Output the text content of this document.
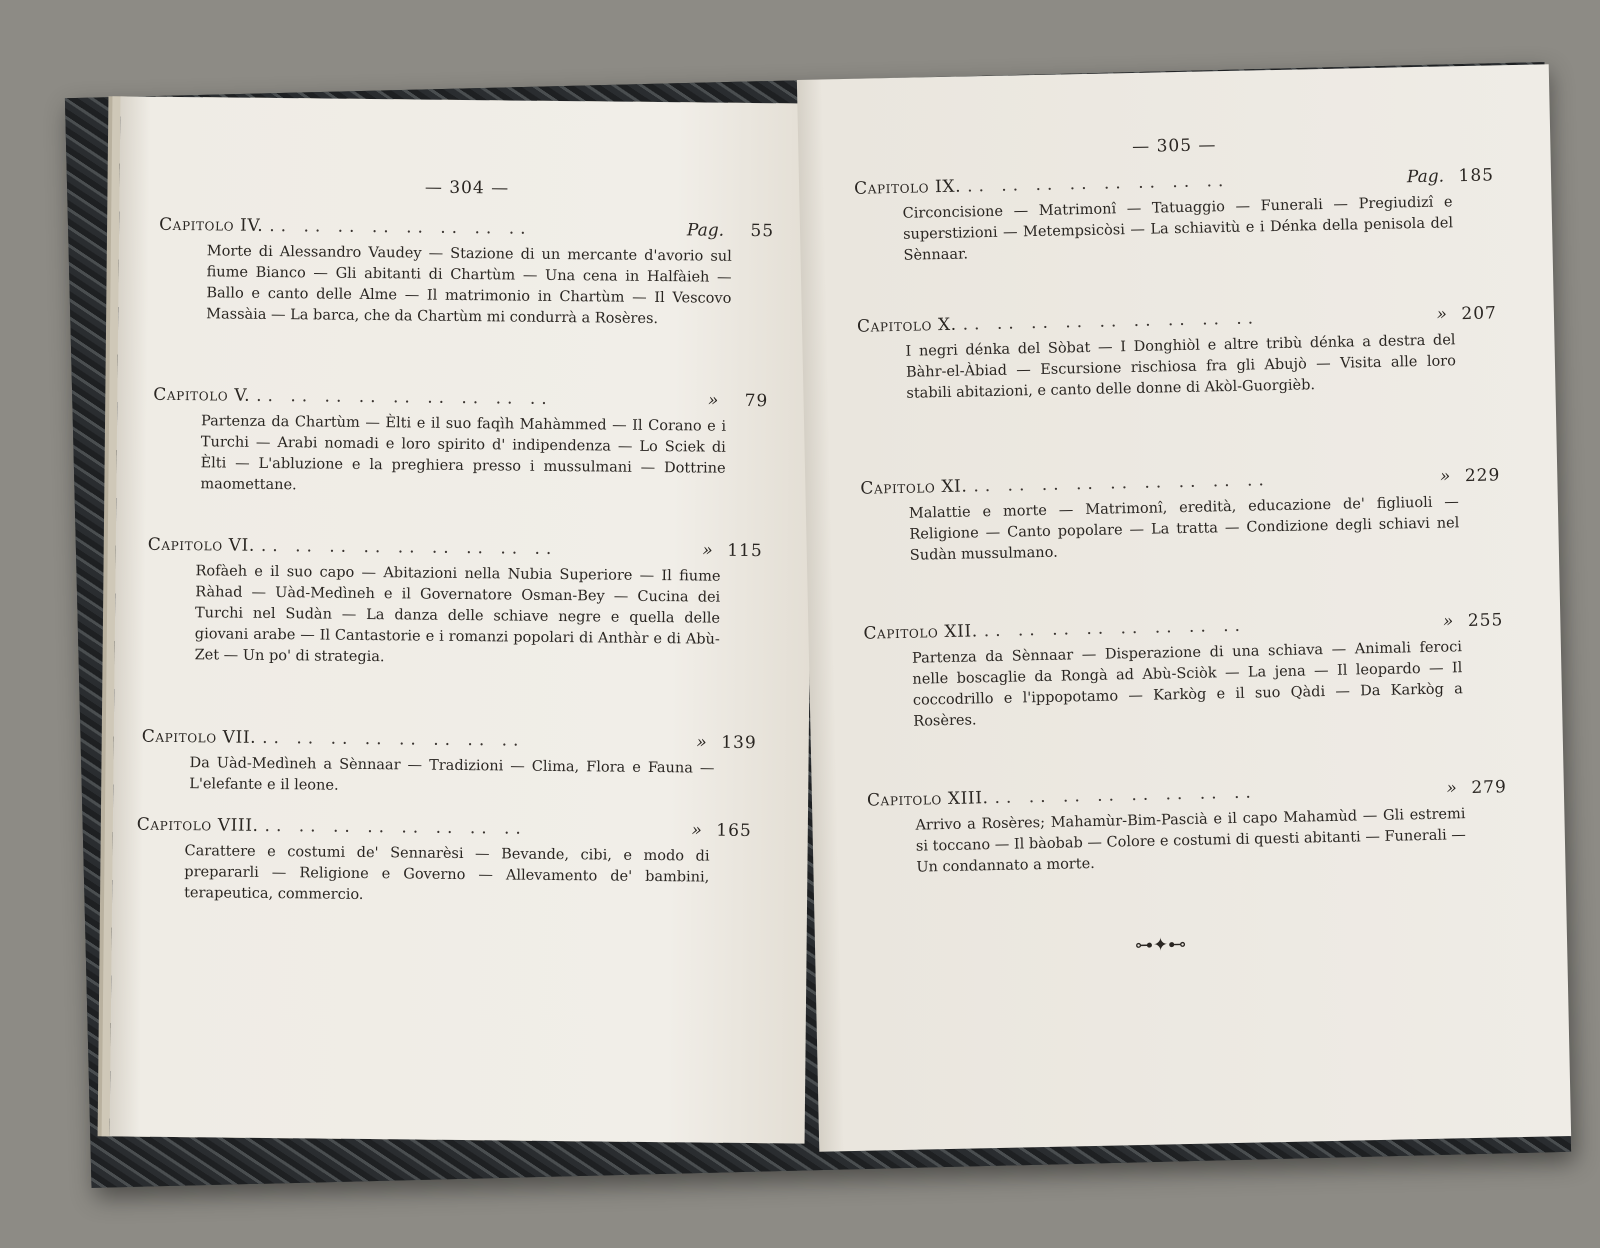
— 304 —
Capitolo IV. .. .. .. .. .. .. .. ..	Pag.	55
Morte di Alessandro Vaudey — Stazione di un mercante d'avorio sul fiume Bianco — Gli abitanti di Chartùm — Una cena in Halfàieh — Ballo e canto delle Alme — Il matrimonio in Chartùm — Il Vescovo Massàia — La barca, che da Chartùm mi condurrà a Rosères.
Capitolo V. .. .. .. .. .. .. .. .. ..	»	79
Partenza da Chartùm — Èlti e il suo faqìh Mahàmmed — Il Corano e i Turchi — Arabi nomadi e loro spirito d' indipendenza — Lo Sciek di Èlti — L'abluzione e la preghiera presso i mussulmani — Dottrine maomettane.
Capitolo VI. .. .. .. .. .. .. .. .. ..	» 115
Rofàeh e il suo capo — Abitazioni nella Nubia Superiore — Il fiume Ràhad — Uàd-Medìneh e il Governatore Osman-Bey — Cucina dei Turchi nel Sudàn — La danza delle schiave negre e quella delle giovani arabe — Il Cantastorie e i romanzi popolari di Anthàr e di Abù-Zet — Un po' di strategia.
Capitolo VII. .. .. .. .. .. .. .. ..	» 139
Da Uàd-Medìneh a Sènnaar — Tradizioni — Clima, Flora e Fauna — L'elefante e il leone.
Capitolo VIII. .. .. .. .. .. .. .. ..	» 165
Carattere e costumi de' Sennarèsi — Bevande, cibi, e modo di prepararli — Religione e Governo — Allevamento de' bambini, terapeutica, commercio.
— 305 —
Capitolo IX. .. .. .. .. .. .. .. ..	Pag. 185
Circoncisione — Matrimonî — Tatuaggio — Funerali — Pregiudizî e superstizioni — Metempsicòsi — La schiavitù e i Dénka della penisola del Sènnaar.
Capitolo X. .. .. .. .. .. .. .. .. ..	» 207
I negri dénka del Sòbat — I Donghiòl e altre tribù dénka a destra del Bàhr-el-Àbiad — Escursione rischiosa fra gli Abujò — Visita alle loro stabili abitazioni, e canto delle donne di Akòl-Guorgièb.
Capitolo XI. .. .. .. .. .. .. .. .. ..	» 229
Malattie e morte — Matrimonî, eredità, educazione de' figliuoli — Religione — Canto popolare — La tratta — Condizione degli schiavi nel Sudàn mussulmano.
Capitolo XII. .. .. .. .. .. .. .. ..	» 255
Partenza da Sènnaar — Disperazione di una schiava — Animali feroci nelle boscaglie da Rongà ad Abù-Sciòk — La jena — Il leopardo — Il coccodrillo e l'ippopotamo — Karkòg e il suo Qàdi — Da Karkòg a Rosères.
Capitolo XIII. .. .. .. .. .. .. .. ..	» 279
Arrivo a Rosères; Mahamùr-Bim-Pascià e il capo Mahamùd — Gli estremi si toccano — Il bàobab — Colore e costumi di questi abitanti — Funerali — Un condannato a morte.
⊶✦⊷
